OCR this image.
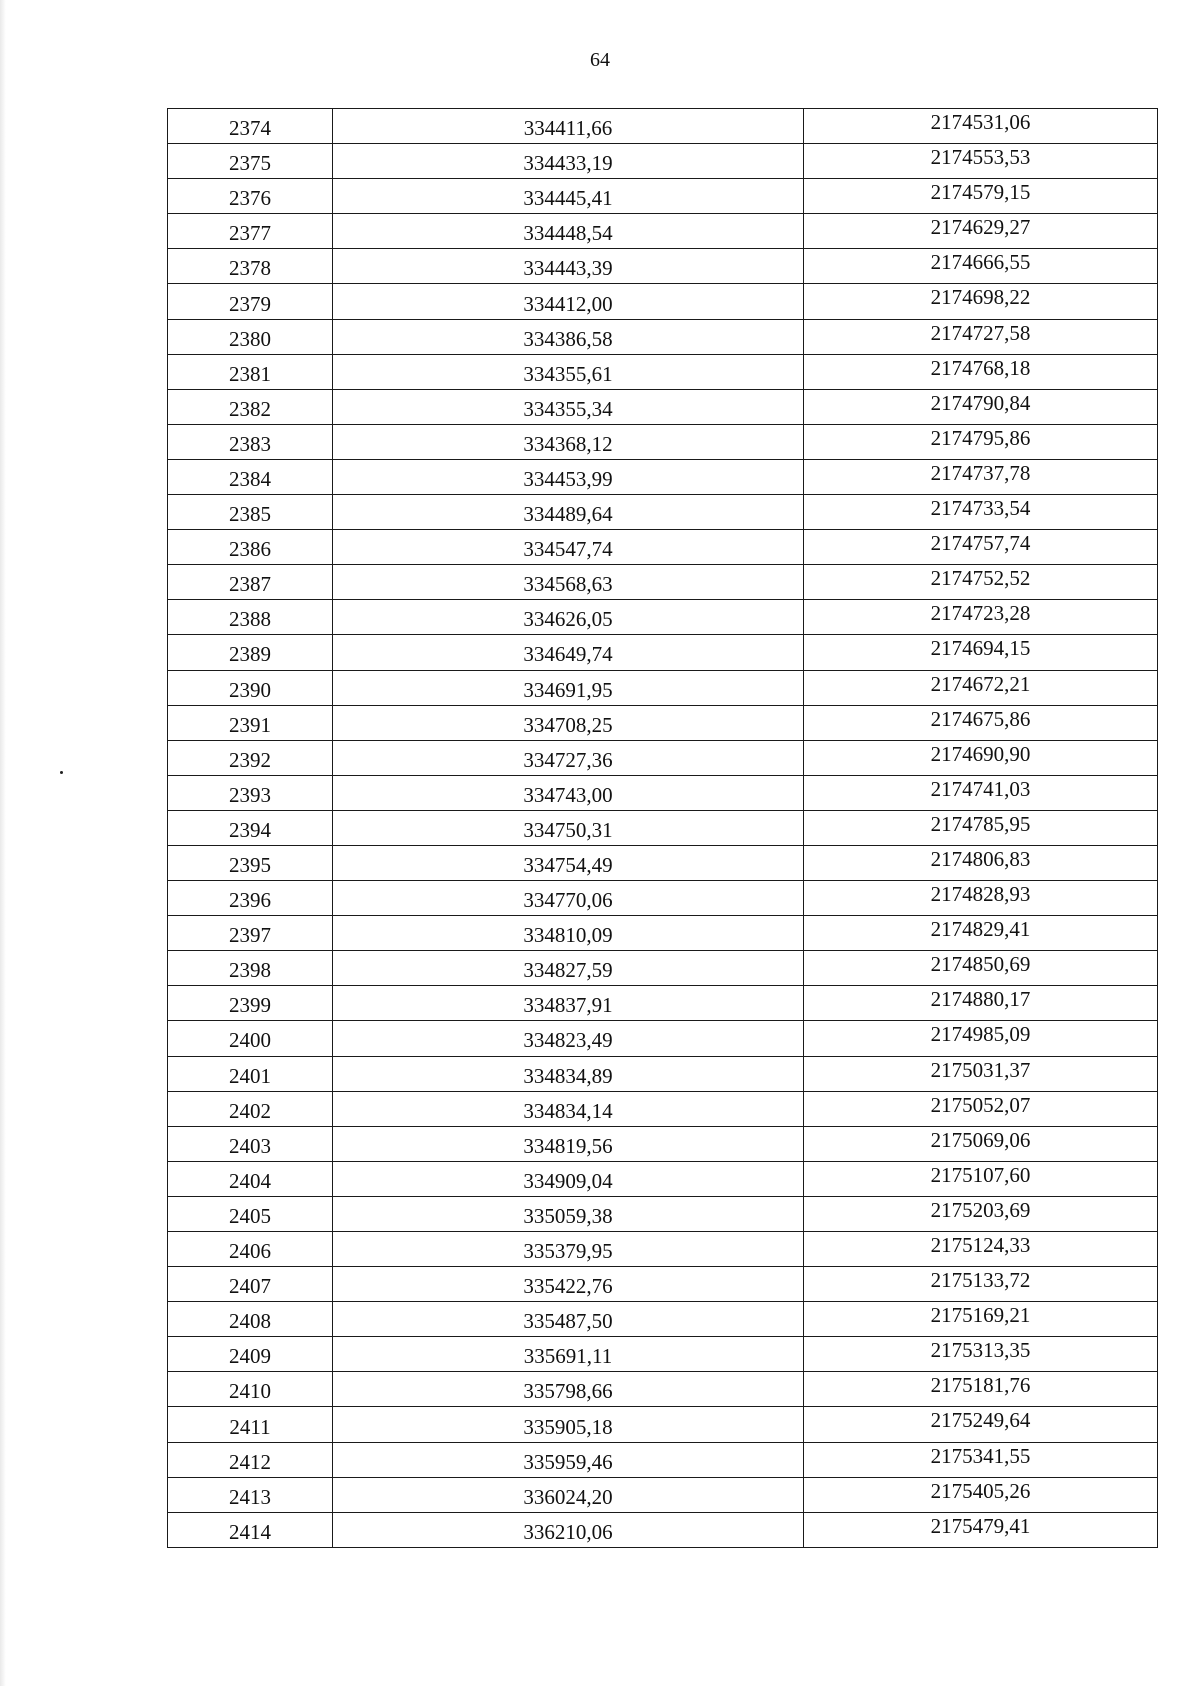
64
2374	334411,66	2174531,06
2375	334433,19	2174553,53
2376	334445,41	2174579,15
2377	334448,54	2174629,27
2378	334443,39	2174666,55
2379	334412,00	2174698,22
2380	334386,58	2174727,58
2381	334355,61	2174768,18
2382	334355,34	2174790,84
2383	334368,12	2174795,86
2384	334453,99	2174737,78
2385	334489,64	2174733,54
2386	334547,74	2174757,74
2387	334568,63	2174752,52
2388	334626,05	2174723,28
2389	334649,74	2174694,15
2390	334691,95	2174672,21
2391	334708,25	2174675,86
2392	334727,36	2174690,90
2393	334743,00	2174741,03
2394	334750,31	2174785,95
2395	334754,49	2174806,83
2396	334770,06	2174828,93
2397	334810,09	2174829,41
2398	334827,59	2174850,69
2399	334837,91	2174880,17
2400	334823,49	2174985,09
2401	334834,89	2175031,37
2402	334834,14	2175052,07
2403	334819,56	2175069,06
2404	334909,04	2175107,60
2405	335059,38	2175203,69
2406	335379,95	2175124,33
2407	335422,76	2175133,72
2408	335487,50	2175169,21
2409	335691,11	2175313,35
2410	335798,66	2175181,76
2411	335905,18	2175249,64
2412	335959,46	2175341,55
2413	336024,20	2175405,26
2414	336210,06	2175479,41
